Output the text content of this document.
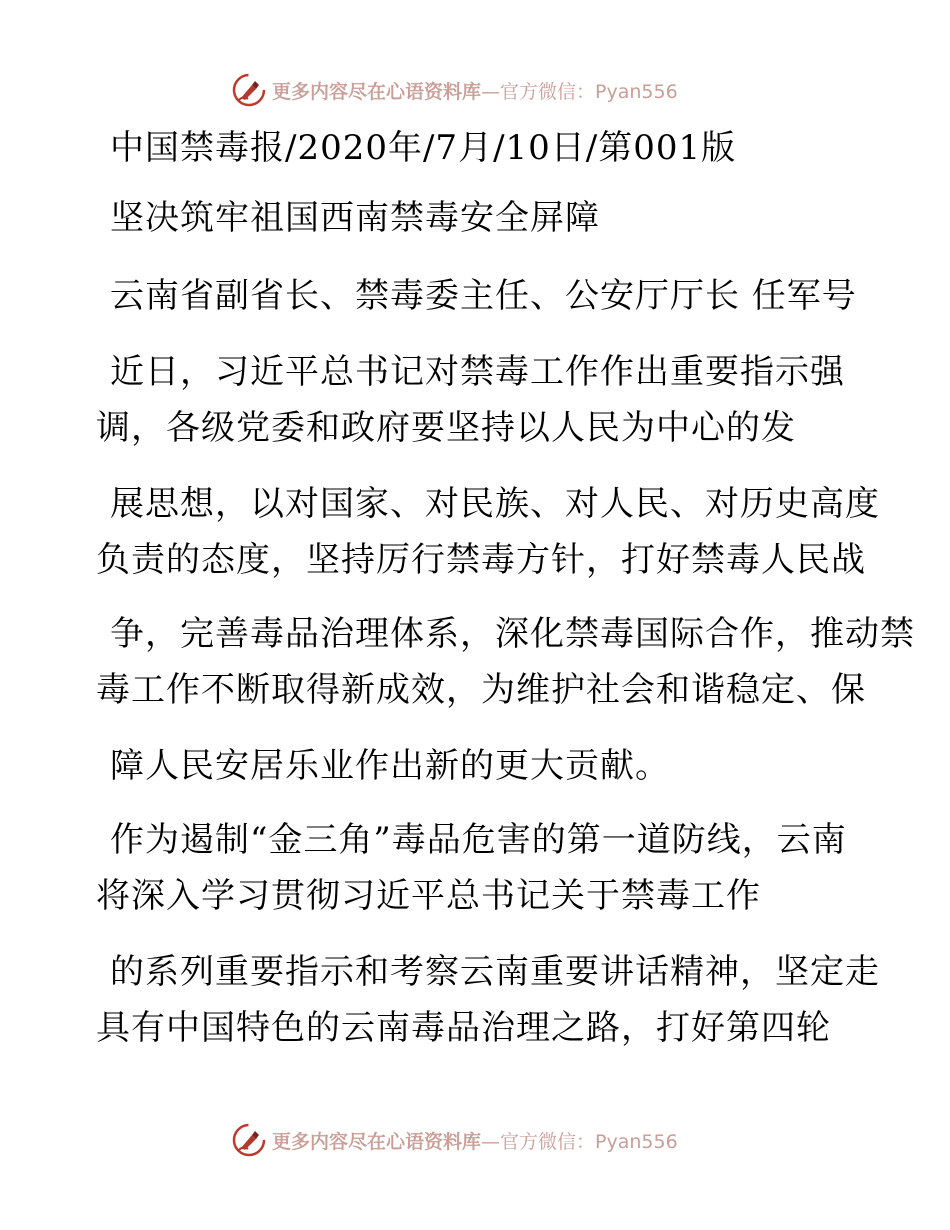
更多内容尽在心语资料库 —官方微信：Pyan556

中国禁毒报/2020年/7月/10日/第001版

坚决筑牢祖国西南禁毒安全屏障

云南省副省长、禁毒委主任、公安厅厅长 任军号

近日，习近平总书记对禁毒工作作出重要指示强

调，各级党委和政府要坚持以人民为中心的发

展思想，以对国家、对民族、对人民、对历史高度

负责的态度，坚持厉行禁毒方针，打好禁毒人民战

争，完善毒品治理体系，深化禁毒国际合作，推动禁

毒工作不断取得新成效，为维护社会和谐稳定、保

障人民安居乐业作出新的更大贡献。

作为遏制“金三角”毒品危害的第一道防线，云南

将深入学习贯彻习近平总书记关于禁毒工作

的系列重要指示和考察云南重要讲话精神，坚定走

具有中国特色的云南毒品治理之路，打好第四轮

更多内容尽在心语资料库 —官方微信：Pyan556
